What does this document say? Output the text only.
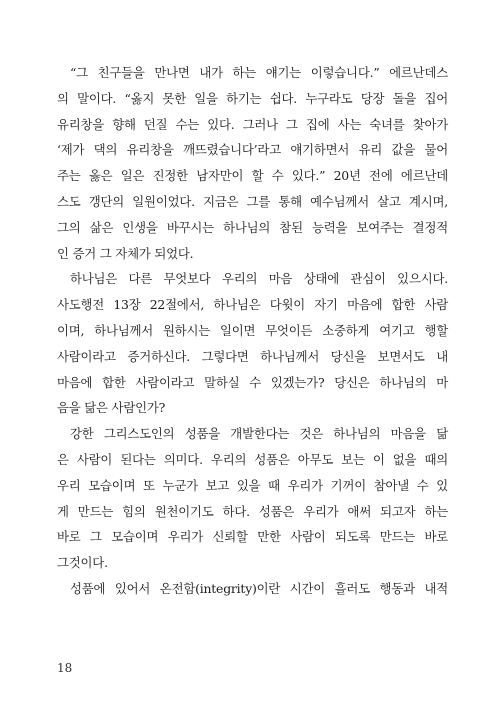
“그 친구들을 만나면 내가 하는 얘기는 이렇습니다.” 에르난데스

의 말이다. “옳지 못한 일을 하기는 쉽다. 누구라도 당장 돌을 집어

유리창을 향해 던질 수는 있다. 그러나 그 집에 사는 숙녀를 찾아가

‘제가 댁의 유리창을 깨뜨렸습니다’라고 얘기하면서 유리 값을 물어

주는 옳은 일은 진정한 남자만이 할 수 있다.” 20년 전에 에르난데

스도 갱단의 일원이었다. 지금은 그를 통해 예수님께서 살고 계시며,

그의 삶은 인생을 바꾸시는 하나님의 참된 능력을 보여주는 결정적

인 증거 그 자체가 되었다.

하나님은 다른 무엇보다 우리의 마음 상태에 관심이 있으시다.

사도행전 13장 22절에서, 하나님은 다윗이 자기 마음에 합한 사람

이며, 하나님께서 원하시는 일이면 무엇이든 소중하게 여기고 행할

사람이라고 증거하신다. 그렇다면 하나님께서 당신을 보면서도 내

마음에 합한 사람이라고 말하실 수 있겠는가? 당신은 하나님의 마

음을 닮은 사람인가?

강한 그리스도인의 성품을 개발한다는 것은 하나님의 마음을 닮

은 사람이 된다는 의미다. 우리의 성품은 아무도 보는 이 없을 때의

우리 모습이며 또 누군가 보고 있을 때 우리가 기꺼이 참아낼 수 있

게 만드는 힘의 원천이기도 하다. 성품은 우리가 애써 되고자 하는

바로 그 모습이며 우리가 신뢰할 만한 사람이 되도록 만드는 바로

그것이다.

성품에 있어서 온전함(integrity)이란 시간이 흘러도 행동과 내적

18
